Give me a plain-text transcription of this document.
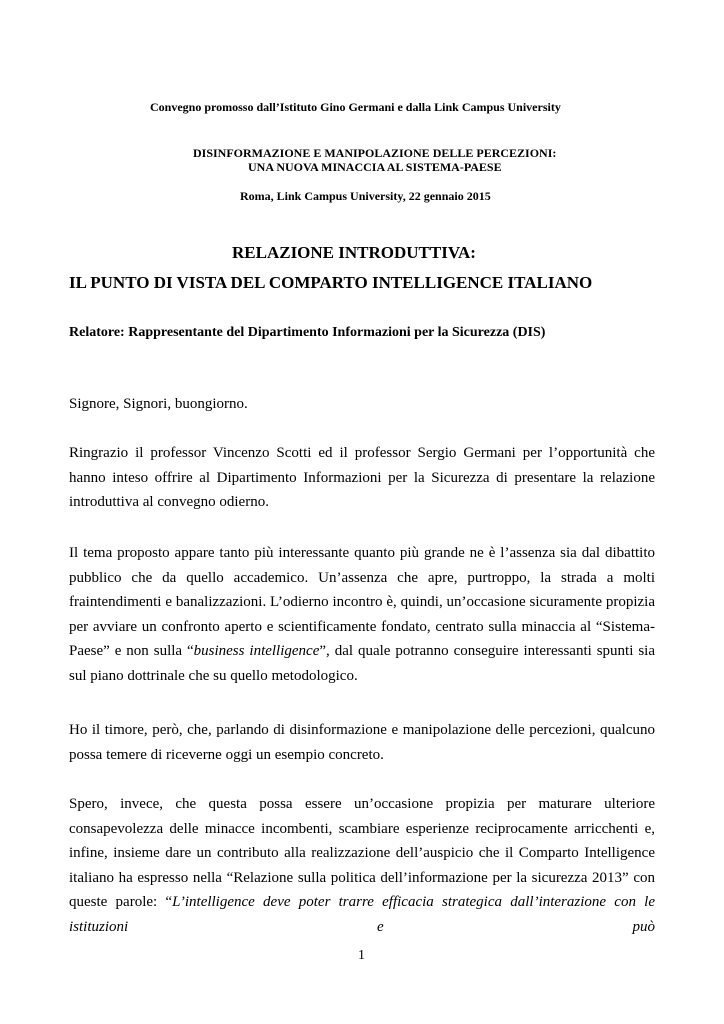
Convegno promosso dall’Istituto Gino Germani e dalla Link Campus University
DISINFORMAZIONE E MANIPOLAZIONE DELLE PERCEZIONI:
UNA NUOVA MINACCIA AL SISTEMA-PAESE
Roma, Link Campus University, 22 gennaio 2015
RELAZIONE INTRODUTTIVA:
IL PUNTO DI VISTA DEL COMPARTO INTELLIGENCE ITALIANO
Relatore: Rappresentante del Dipartimento Informazioni per la Sicurezza (DIS)
Signore, Signori, buongiorno.
Ringrazio il professor Vincenzo Scotti ed il professor Sergio Germani per l’opportunità che hanno inteso offrire al Dipartimento Informazioni per la Sicurezza di presentare la relazione introduttiva al convegno odierno.
Il tema proposto appare tanto più interessante quanto più grande ne è l’assenza sia dal dibattito pubblico che da quello accademico. Un’assenza che apre, purtroppo, la strada a molti fraintendimenti e banalizzazioni. L’odierno incontro è, quindi, un’occasione sicuramente propizia per avviare un confronto aperto e scientificamente fondato, centrato sulla minaccia al “Sistema-Paese” e non sulla “business intelligence”, dal quale potranno conseguire interessanti spunti sia sul piano dottrinale che su quello metodologico.
Ho il timore, però, che, parlando di disinformazione e manipolazione delle percezioni, qualcuno possa temere di riceverne oggi un esempio concreto.
Spero, invece, che questa possa essere un’occasione propizia per maturare ulteriore consapevolezza delle minacce incombenti, scambiare esperienze reciprocamente arricchenti e, infine, insieme dare un contributo alla realizzazione dell’auspicio che il Comparto Intelligence italiano ha espresso nella “Relazione sulla politica dell’informazione per la sicurezza 2013” con queste parole: “L’intelligence deve poter trarre efficacia strategica dall’interazione con le istituzioni e può
1
